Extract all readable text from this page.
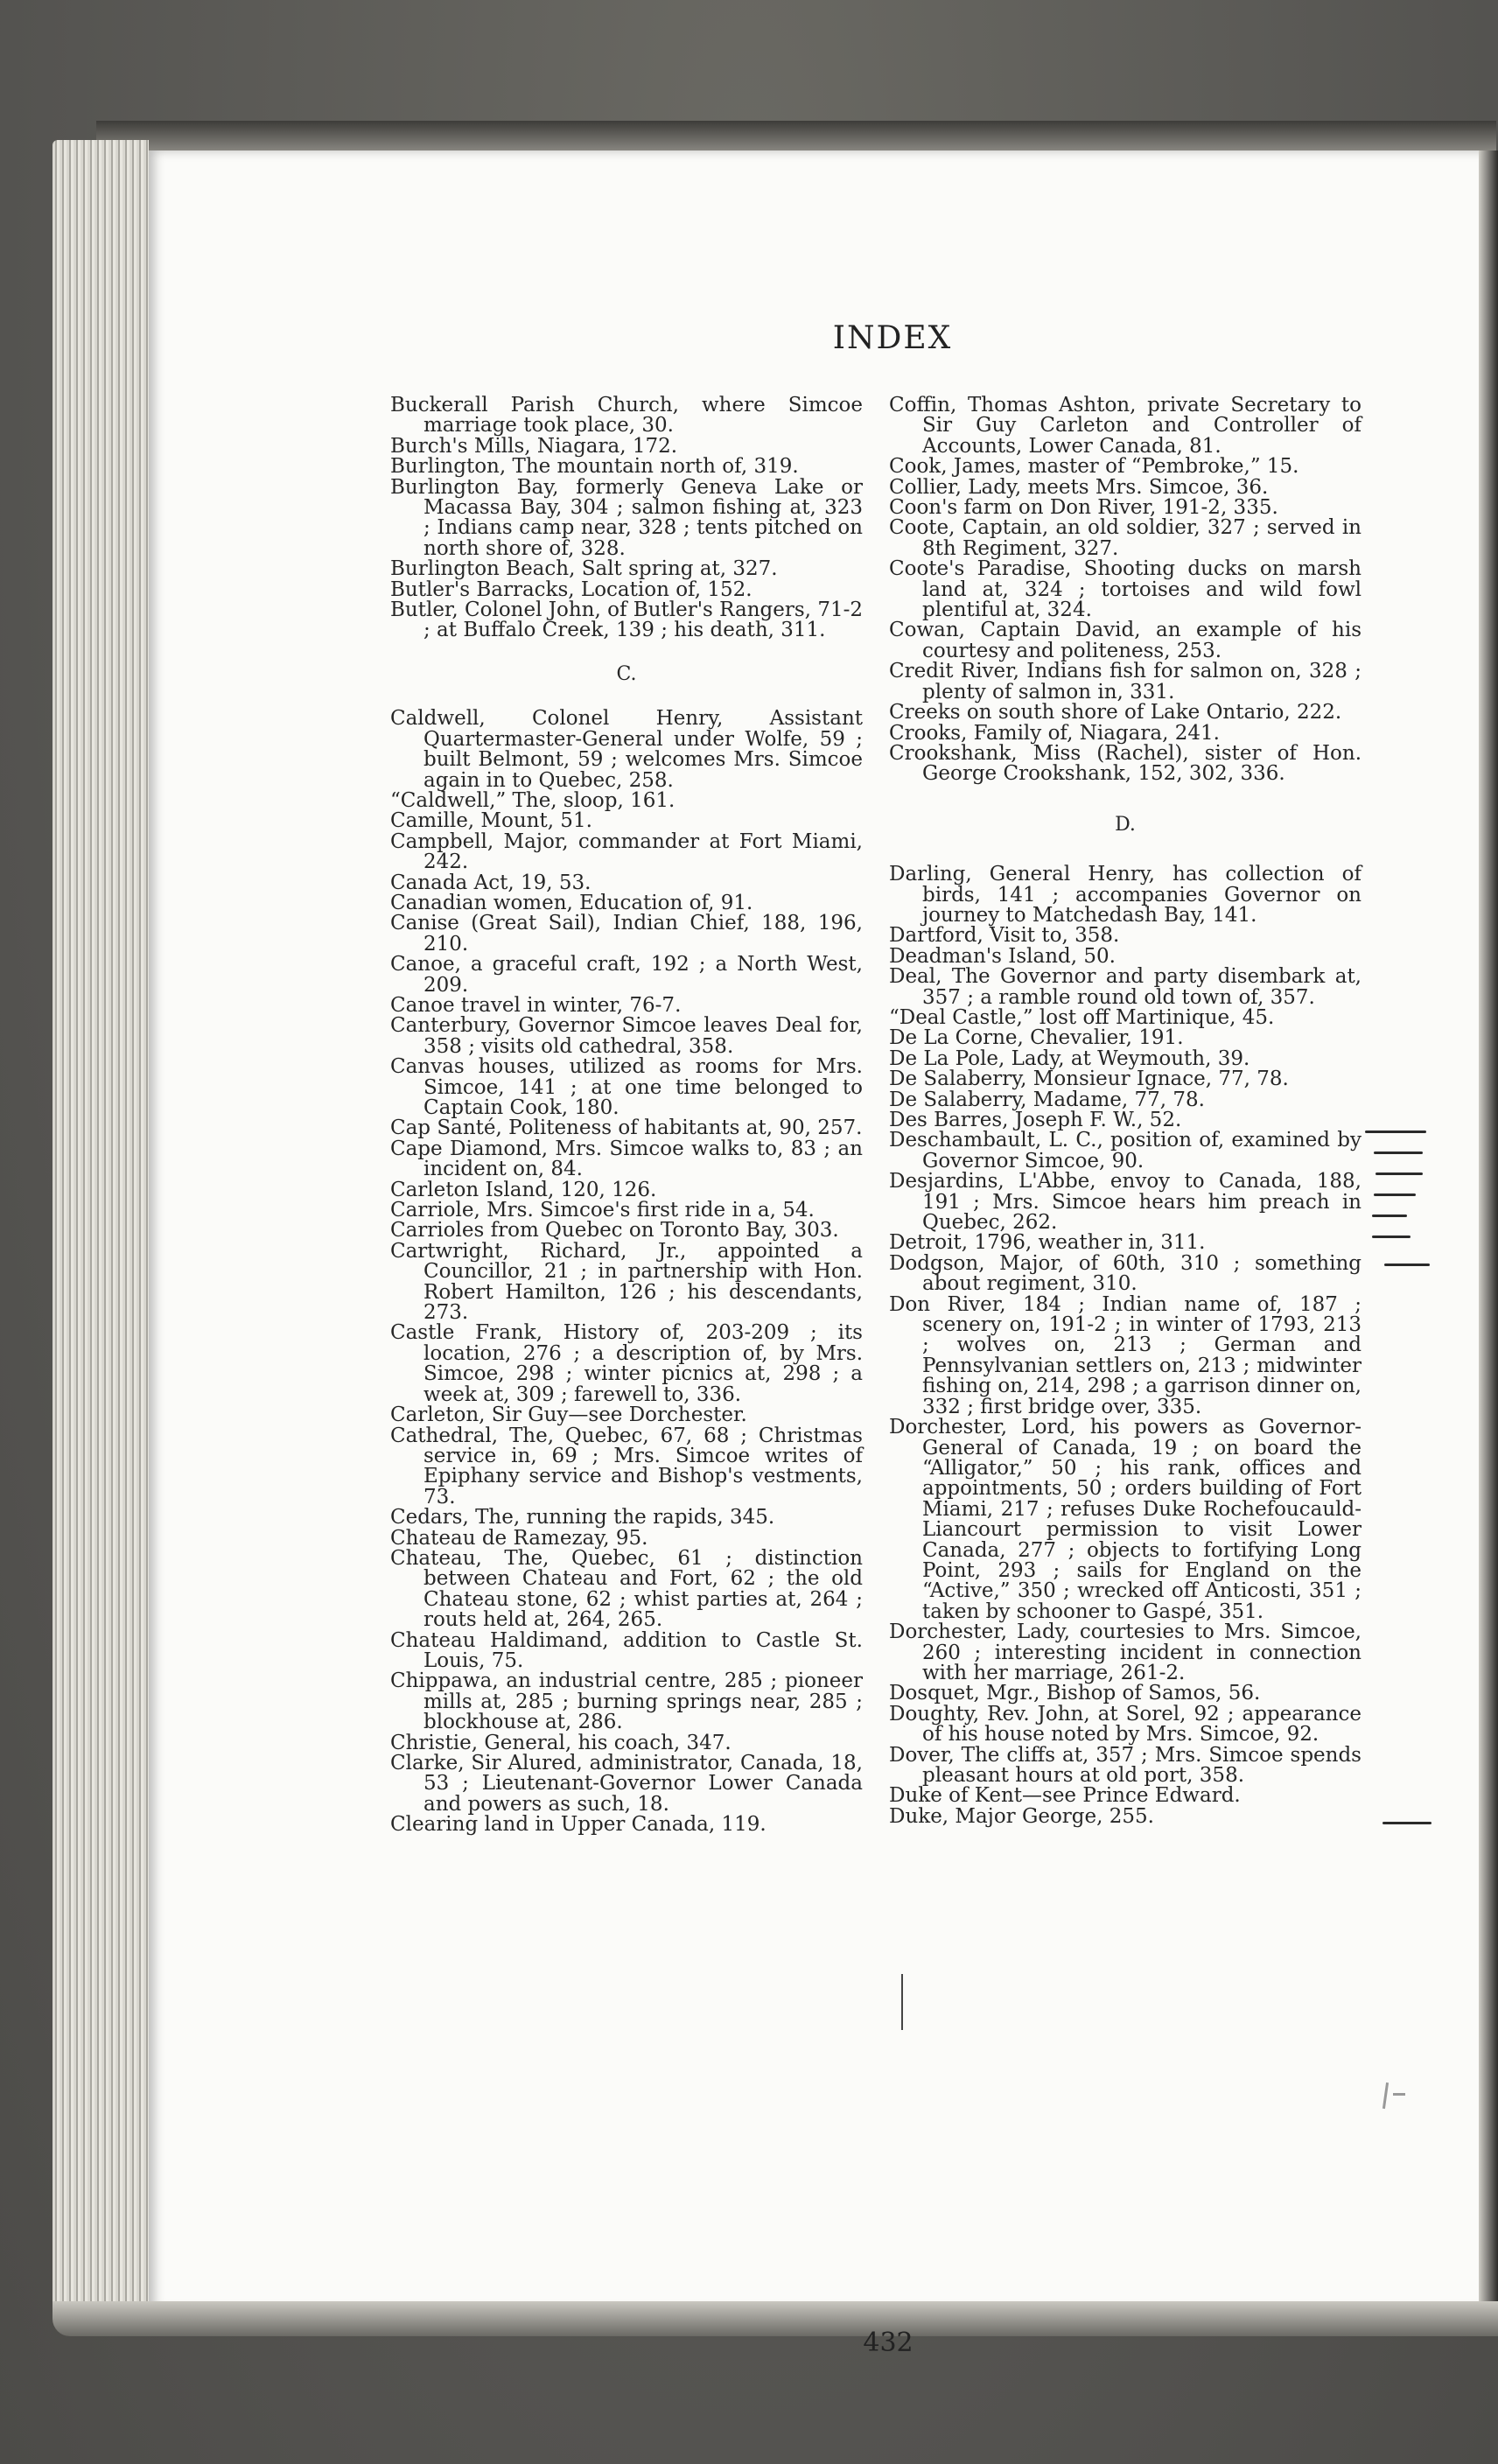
INDEX

Buckerall Parish Church, where Simcoe marriage took place, 30.

Burch's Mills, Niagara, 172.

Burlington, The mountain north of, 319.

Burlington Bay, formerly Geneva Lake or Macassa Bay, 304 ; salmon fishing at, 323 ; Indians camp near, 328 ; tents pitched on north shore of, 328.

Burlington Beach, Salt spring at, 327.

Butler's Barracks, Location of, 152.

Butler, Colonel John, of Butler's Rangers, 71-2 ; at Buffalo Creek, 139 ; his death, 311.

C.

Caldwell, Colonel Henry, Assistant Quartermaster-General under Wolfe, 59 ; built Belmont, 59 ; welcomes Mrs. Simcoe again in to Quebec, 258.

“Caldwell,” The, sloop, 161.

Camille, Mount, 51.

Campbell, Major, commander at Fort Miami, 242.

Canada Act, 19, 53.

Canadian women, Education of, 91.

Canise (Great Sail), Indian Chief, 188, 196, 210.

Canoe, a graceful craft, 192 ; a North West, 209.

Canoe travel in winter, 76-7.

Canterbury, Governor Simcoe leaves Deal for, 358 ; visits old cathedral, 358.

Canvas houses, utilized as rooms for Mrs. Simcoe, 141 ; at one time belonged to Captain Cook, 180.

Cap Santé, Politeness of habitants at, 90, 257.

Cape Diamond, Mrs. Simcoe walks to, 83 ; an incident on, 84.

Carleton Island, 120, 126.

Carriole, Mrs. Simcoe's first ride in a, 54.

Carrioles from Quebec on Toronto Bay, 303.

Cartwright, Richard, Jr., appointed a Councillor, 21 ; in partnership with Hon. Robert Hamilton, 126 ; his descendants, 273.

Castle Frank, History of, 203-209 ; its location, 276 ; a description of, by Mrs. Simcoe, 298 ; winter picnics at, 298 ; a week at, 309 ; farewell to, 336.

Carleton, Sir Guy—see Dorchester.

Cathedral, The, Quebec, 67, 68 ; Christmas service in, 69 ; Mrs. Simcoe writes of Epiphany service and Bishop's vestments, 73.

Cedars, The, running the rapids, 345.

Chateau de Ramezay, 95.

Chateau, The, Quebec, 61 ; distinction between Chateau and Fort, 62 ; the old Chateau stone, 62 ; whist parties at, 264 ; routs held at, 264, 265.

Chateau Haldimand, addition to Castle St. Louis, 75.

Chippawa, an industrial centre, 285 ; pioneer mills at, 285 ; burning springs near, 285 ; blockhouse at, 286.

Christie, General, his coach, 347.

Clarke, Sir Alured, administrator, Canada, 18, 53 ; Lieutenant-Governor Lower Canada and powers as such, 18.

Clearing land in Upper Canada, 119.

Coffin, Thomas Ashton, private Secretary to Sir Guy Carleton and Controller of Accounts, Lower Canada, 81.

Cook, James, master of “Pembroke,” 15.

Collier, Lady, meets Mrs. Simcoe, 36.

Coon's farm on Don River, 191-2, 335.

Coote, Captain, an old soldier, 327 ; served in 8th Regiment, 327.

Coote's Paradise, Shooting ducks on marsh land at, 324 ; tortoises and wild fowl plentiful at, 324.

Cowan, Captain David, an example of his courtesy and politeness, 253.

Credit River, Indians fish for salmon on, 328 ; plenty of salmon in, 331.

Creeks on south shore of Lake Ontario, 222.

Crooks, Family of, Niagara, 241.

Crookshank, Miss (Rachel), sister of Hon. George Crookshank, 152, 302, 336.

D.

Darling, General Henry, has collection of birds, 141 ; accompanies Governor on journey to Matchedash Bay, 141.

Dartford, Visit to, 358.

Deadman's Island, 50.

Deal, The Governor and party disembark at, 357 ; a ramble round old town of, 357.

“Deal Castle,” lost off Martinique, 45.

De La Corne, Chevalier, 191.

De La Pole, Lady, at Weymouth, 39.

De Salaberry, Monsieur Ignace, 77, 78.

De Salaberry, Madame, 77, 78.

Des Barres, Joseph F. W., 52.

Deschambault, L. C., position of, examined by Governor Simcoe, 90.

Desjardins, L'Abbe, envoy to Canada, 188, 191 ; Mrs. Simcoe hears him preach in Quebec, 262.

Detroit, 1796, weather in, 311.

Dodgson, Major, of 60th, 310 ; something about regiment, 310.

Don River, 184 ; Indian name of, 187 ; scenery on, 191-2 ; in winter of 1793, 213 ; wolves on, 213 ; German and Pennsylvanian settlers on, 213 ; midwinter fishing on, 214, 298 ; a garrison dinner on, 332 ; first bridge over, 335.

Dorchester, Lord, his powers as Governor-General of Canada, 19 ; on board the “Alligator,” 50 ; his rank, offices and appointments, 50 ; orders building of Fort Miami, 217 ; refuses Duke Rochefoucauld-Liancourt permission to visit Lower Canada, 277 ; objects to fortifying Long Point, 293 ; sails for England on the “Active,” 350 ; wrecked off Anticosti, 351 ; taken by schooner to Gaspé, 351.

Dorchester, Lady, courtesies to Mrs. Simcoe, 260 ; interesting incident in connection with her marriage, 261-2.

Dosquet, Mgr., Bishop of Samos, 56.

Doughty, Rev. John, at Sorel, 92 ; appearance of his house noted by Mrs. Simcoe, 92.

Dover, The cliffs at, 357 ; Mrs. Simcoe spends pleasant hours at old port, 358.

Duke of Kent—see Prince Edward.

Duke, Major George, 255.

432
